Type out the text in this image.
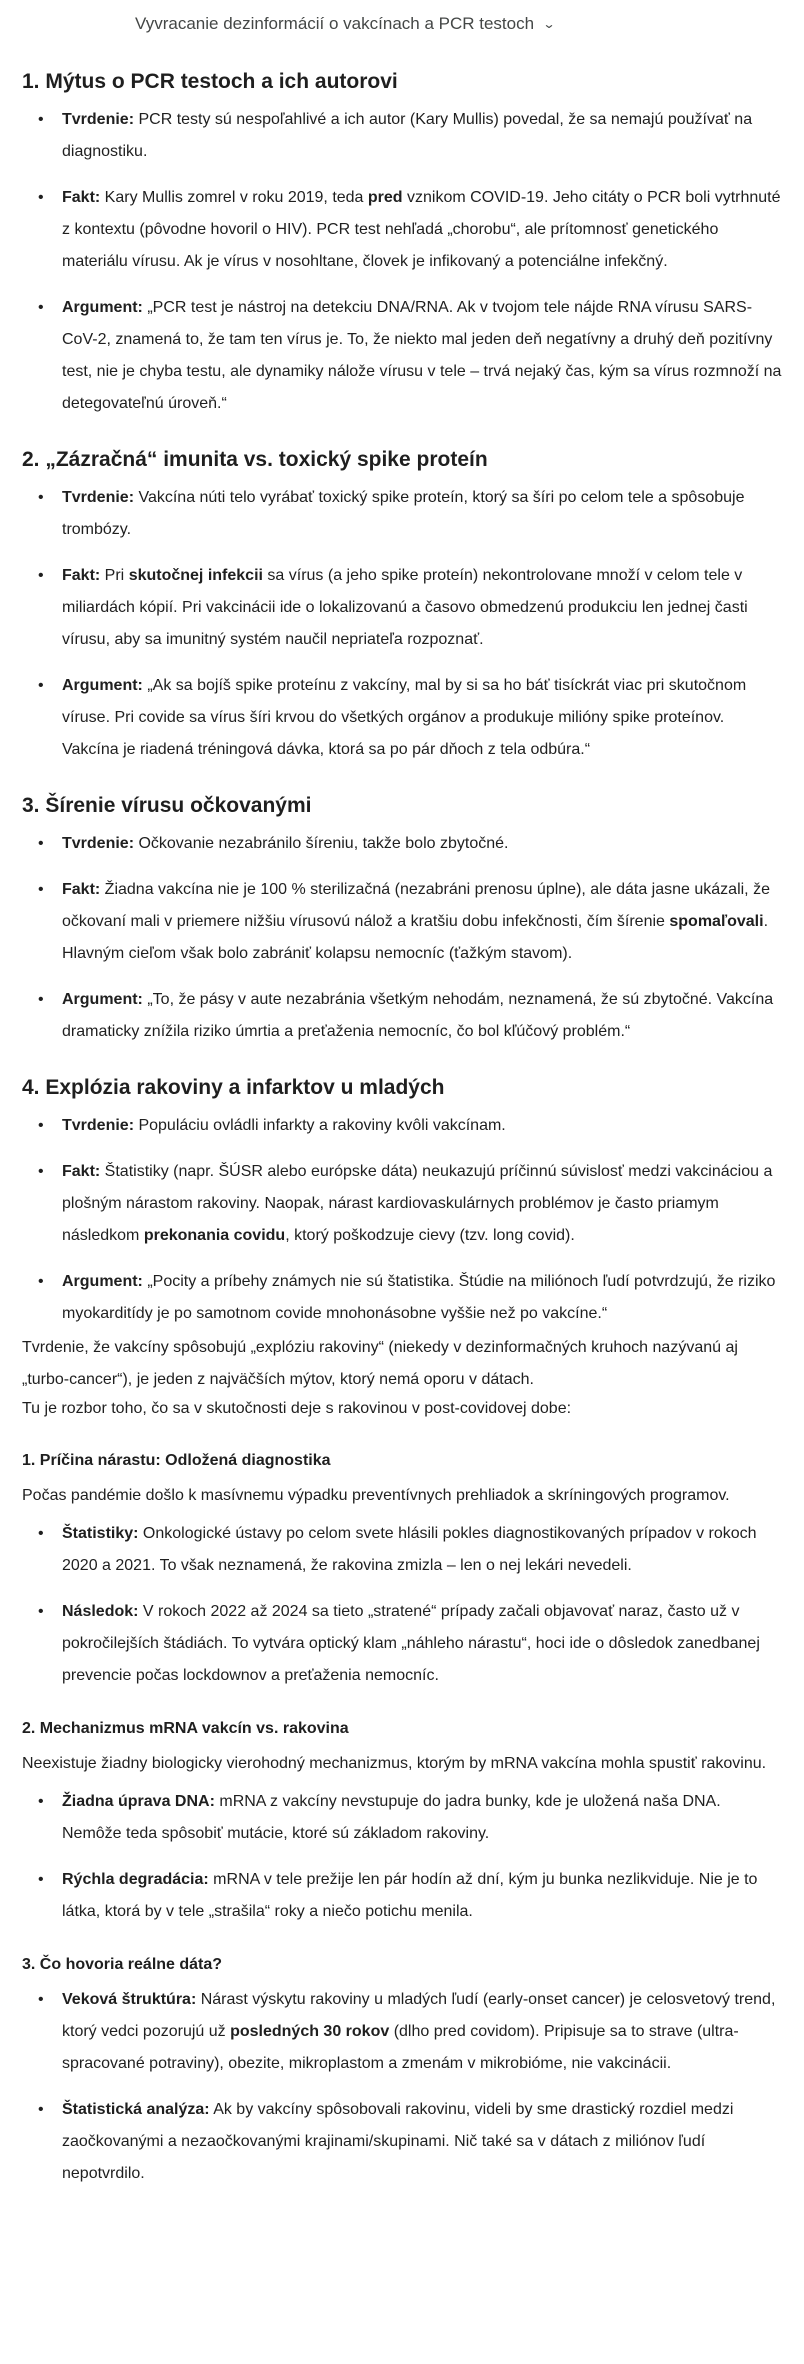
Vyvracanie dezinformácií o vakcínach a PCR testoch ⌄
1. Mýtus o PCR testoch a ich autorovi
• Tvrdenie: PCR testy sú nespoľahlivé a ich autor (Kary Mullis) povedal, že sa nemajú používať na diagnostiku.
• Fakt: Kary Mullis zomrel v roku 2019, teda pred vznikom COVID-19. Jeho citáty o PCR boli vytrhnuté z kontextu (pôvodne hovoril o HIV). PCR test nehľadá „chorobu“, ale prítomnosť genetického materiálu vírusu. Ak je vírus v nosohltane, človek je infikovaný a potenciálne infekčný.
• Argument: „PCR test je nástroj na detekciu DNA/RNA. Ak v tvojom tele nájde RNA vírusu SARS-CoV-2, znamená to, že tam ten vírus je. To, že niekto mal jeden deň negatívny a druhý deň pozitívny test, nie je chyba testu, ale dynamiky nálože vírusu v tele – trvá nejaký čas, kým sa vírus rozmnoží na detegovateľnú úroveň.“
2. „Zázračná“ imunita vs. toxický spike proteín
• Tvrdenie: Vakcína núti telo vyrábať toxický spike proteín, ktorý sa šíri po celom tele a spôsobuje trombózy.
• Fakt: Pri skutočnej infekcii sa vírus (a jeho spike proteín) nekontrolovane množí v celom tele v miliardách kópií. Pri vakcinácii ide o lokalizovanú a časovo obmedzenú produkciu len jednej časti vírusu, aby sa imunitný systém naučil nepriateľa rozpoznať.
• Argument: „Ak sa bojíš spike proteínu z vakcíny, mal by si sa ho báť tisíckrát viac pri skutočnom víruse. Pri covide sa vírus šíri krvou do všetkých orgánov a produkuje milióny spike proteínov. Vakcína je riadená tréningová dávka, ktorá sa po pár dňoch z tela odbúra.“
3. Šírenie vírusu očkovanými
• Tvrdenie: Očkovanie nezabránilo šíreniu, takže bolo zbytočné.
• Fakt: Žiadna vakcína nie je 100 % sterilizačná (nezabráni prenosu úplne), ale dáta jasne ukázali, že očkovaní mali v priemere nižšiu vírusovú nálož a kratšiu dobu infekčnosti, čím šírenie spomaľovali. Hlavným cieľom však bolo zabrániť kolapsu nemocníc (ťažkým stavom).
• Argument: „To, že pásy v aute nezabránia všetkým nehodám, neznamená, že sú zbytočné. Vakcína dramaticky znížila riziko úmrtia a preťaženia nemocníc, čo bol kľúčový problém.“
4. Explózia rakoviny a infarktov u mladých
• Tvrdenie: Populáciu ovládli infarkty a rakoviny kvôli vakcínam.
• Fakt: Štatistiky (napr. ŠÚSR alebo európske dáta) neukazujú príčinnú súvislosť medzi vakcináciou a plošným nárastom rakoviny. Naopak, nárast kardiovaskulárnych problémov je často priamym následkom prekonania covidu, ktorý poškodzuje cievy (tzv. long covid).
• Argument: „Pocity a príbehy známych nie sú štatistika. Štúdie na miliónoch ľudí potvrdzujú, že riziko myokarditídy je po samotnom covide mnohonásobne vyššie než po vakcíne.“

Tvrdenie, že vakcíny spôsobujú „explóziu rakoviny“ (niekedy v dezinformačných kruhoch nazývanú aj „turbo-cancer“), je jeden z najväčších mýtov, ktorý nemá oporu v dátach.

Tu je rozbor toho, čo sa v skutočnosti deje s rakovinou v post-covidovej dobe:

1. Príčina nárastu: Odložená diagnostika

Počas pandémie došlo k masívnemu výpadku preventívnych prehliadok a skríningových programov.

• Štatistiky: Onkologické ústavy po celom svete hlásili pokles diagnostikovaných prípadov v rokoch 2020 a 2021. To však neznamená, že rakovina zmizla – len o nej lekári nevedeli.
• Následok: V rokoch 2022 až 2024 sa tieto „stratené“ prípady začali objavovať naraz, často už v pokročilejších štádiách. To vytvára optický klam „náhleho nárastu“, hoci ide o dôsledok zanedbanej prevencie počas lockdownov a preťaženia nemocníc.
2. Mechanizmus mRNA vakcín vs. rakovina

Neexistuje žiadny biologicky vierohodný mechanizmus, ktorým by mRNA vakcína mohla spustiť rakovinu.

• Žiadna úprava DNA: mRNA z vakcíny nevstupuje do jadra bunky, kde je uložená naša DNA. Nemôže teda spôsobiť mutácie, ktoré sú základom rakoviny.
• Rýchla degradácia: mRNA v tele prežije len pár hodín až dní, kým ju bunka nezlikviduje. Nie je to látka, ktorá by v tele „strašila“ roky a niečo potichu menila.
3. Čo hovoria reálne dáta?
• Veková štruktúra: Nárast výskytu rakoviny u mladých ľudí (early-onset cancer) je celosvetový trend, ktorý vedci pozorujú už posledných 30 rokov (dlho pred covidom). Pripisuje sa to strave (ultra-spracované potraviny), obezite, mikroplastom a zmenám v mikrobióme, nie vakcinácii.
• Štatistická analýza: Ak by vakcíny spôsobovali rakovinu, videli by sme drastický rozdiel medzi zaočkovanými a nezaočkovanými krajinami/skupinami. Nič také sa v dátach z miliónov ľudí nepotvrdilo.
